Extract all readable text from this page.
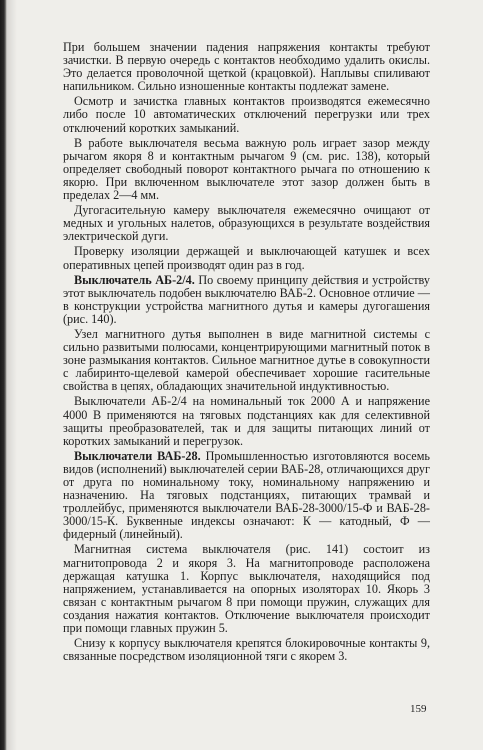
При большем значении падения напряжения контакты требуют зачистки. В первую очередь с контактов необходимо удалить окислы. Это делается проволочной щеткой (крацовкой). Наплывы спиливают напильником. Сильно изношенные контакты подлежат замене.

Осмотр и зачистка главных контактов производятся ежемесячно либо после 10 автоматических отключений перегрузки или трех отключений коротких замыканий.

В работе выключателя весьма важную роль играет зазор между рычагом якоря 8 и контактным рычагом 9 (см. рис. 138), который определяет свободный поворот контактного рычага по отношению к якорю. При включенном выключателе этот зазор должен быть в пределах 2—4 мм.

Дугогасительную камеру выключателя ежемесячно очищают от медных и угольных налетов, образующихся в результате воздействия электрической дуги.

Проверку изоляции держащей и выключающей катушек и всех оперативных цепей производят один раз в год.

Выключатель АБ-2/4. По своему принципу действия и устройству этот выключатель подобен выключателю ВАБ-2. Основное отличие — в конструкции устройства магнитного дутья и камеры дугогашения (рис. 140).

Узел магнитного дутья выполнен в виде магнитной системы с сильно развитыми полюсами, концентрирующими магнитный поток в зоне размыкания контактов. Сильное магнитное дутье в совокупности с лабиринто-щелевой камерой обеспечивает хорошие гасительные свойства в цепях, обладающих значительной индуктивностью.

Выключатели АБ-2/4 на номинальный ток 2000 А и напряжение 4000 В применяются на тяговых подстанциях как для селективной защиты преобразователей, так и для защиты питающих линий от коротких замыканий и перегрузок.

Выключатели ВАБ-28. Промышленностью изготовляются восемь видов (исполнений) выключателей серии ВАБ-28, отличающихся друг от друга по номинальному току, номинальному напряжению и назначению. На тяговых подстанциях, питающих трамвай и троллейбус, применяются выключатели ВАБ-28-3000/15-Ф и ВАБ-28-3000/15-К. Буквенные индексы означают: К — катодный, Ф — фидерный (линейный).

Магнитная система выключателя (рис. 141) состоит из магнитопровода 2 и якоря 3. На магнитопроводе расположена держащая катушка 1. Корпус выключателя, находящийся под напряжением, устанавливается на опорных изоляторах 10. Якорь 3 связан с контактным рычагом 8 при помощи пружин, служащих для создания нажатия контактов. Отключение выключателя происходит при помощи главных пружин 5.

Снизу к корпусу выключателя крепятся блокировочные контакты 9, связанные посредством изоляционной тяги с якорем 3.

159
